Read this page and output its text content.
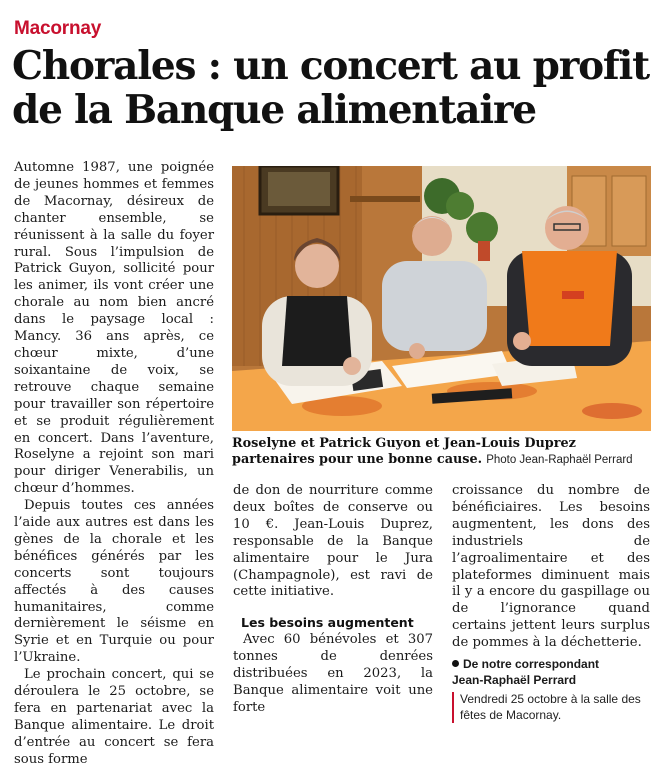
Macornay
Chorales : un concert au profit de la Banque alimentaire

Automne 1987, une poignée de jeunes hommes et femmes de Macornay, désireux de chanter ensemble, se réunissent à la salle du foyer rural. Sous l’impulsion de Patrick Guyon, sollicité pour les animer, ils vont créer une chorale au nom bien ancré dans le paysage local : Mancy. 36 ans après, ce chœur mixte, d’une soixantaine de voix, se retrouve chaque semaine pour travailler son répertoire et se produit régulièrement en concert. Dans l’aventure, Roselyne a rejoint son mari pour diriger Venerabilis, un chœur d’hommes.

Depuis toutes ces années l’aide aux autres est dans les gènes de la chorale et les bénéfices générés par les concerts sont toujours affectés à des causes humanitaires, comme dernièrement le séisme en Syrie et en Turquie ou pour l’Ukraine.

Le prochain concert, qui se déroulera le 25 octobre, se fera en partenariat avec la Banque alimentaire. Le droit d’entrée au concert se fera sous forme

Roselyne et Patrick Guyon et Jean-Louis Duprez partenaires pour une bonne cause. Photo Jean-Raphaël Perrard

de don de nourriture comme deux boîtes de conserve ou 10 €. Jean-Louis Duprez, responsable de la Banque alimentaire pour le Jura (Champagnole), est ravi de cette initiative.

Les besoins augmentent

Avec 60 bénévoles et 307 tonnes de denrées distribuées en 2023, la Banque alimentaire voit une forte

croissance du nombre de bénéficiaires. Les besoins augmentent, les dons des industriels de l’agroalimentaire et des plateformes diminuent mais il y a encore du gaspillage ou de l’ignorance quand certains jettent leurs surplus de pommes à la déchetterie.

De notre correspondant
Jean-Raphaël Perrard
Vendredi 25 octobre à la salle des fêtes de Macornay.
